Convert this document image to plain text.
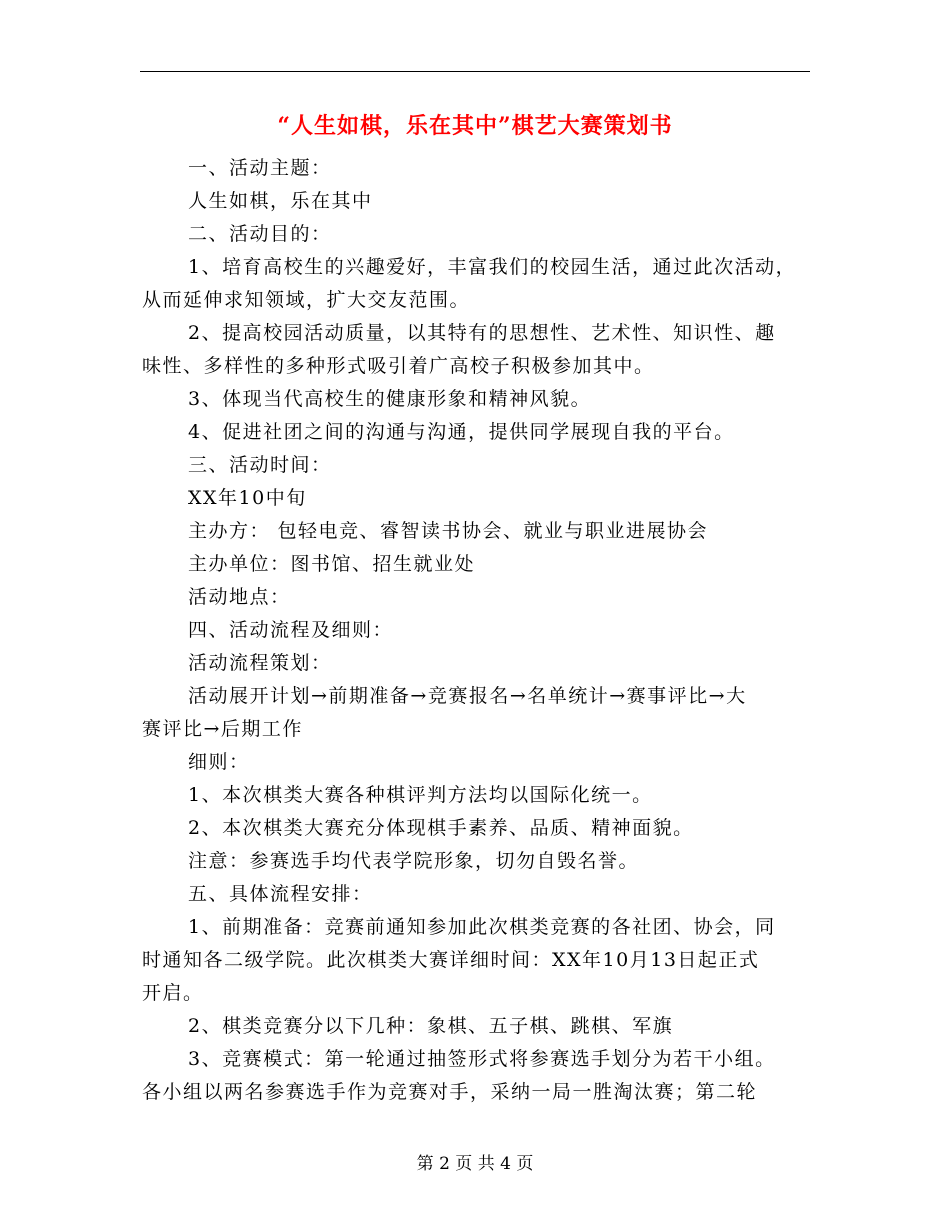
“人生如棋，乐在其中”棋艺大赛策划书

一、活动主题：

人生如棋，乐在其中

二、活动目的：

1、培育高校生的兴趣爱好，丰富我们的校园生活，通过此次活动，

从而延伸求知领域，扩大交友范围。

2、提高校园活动质量，以其特有的思想性、艺术性、知识性、趣

味性、多样性的多种形式吸引着广高校子积极参加其中。

3、体现当代高校生的健康形象和精神风貌。

4、促进社团之间的沟通与沟通，提供同学展现自我的平台。

三、活动时间：

XX年10中旬

主办方： 包轻电竞、睿智读书协会、就业与职业进展协会

主办单位：图书馆、招生就业处

活动地点：

四、活动流程及细则：

活动流程策划：

活动展开计划→前期准备→竞赛报名→名单统计→赛事评比→大

赛评比→后期工作

细则：

1、本次棋类大赛各种棋评判方法均以国际化统一。

2、本次棋类大赛充分体现棋手素养、品质、精神面貌。

注意：参赛选手均代表学院形象，切勿自毁名誉。

五、具体流程安排：

1、前期准备：竞赛前通知参加此次棋类竞赛的各社团、协会，同

时通知各二级学院。此次棋类大赛详细时间：XX年10月13日起正式

开启。

2、棋类竞赛分以下几种：象棋、五子棋、跳棋、军旗

3、竞赛模式：第一轮通过抽签形式将参赛选手划分为若干小组。

各小组以两名参赛选手作为竞赛对手，采纳一局一胜淘汰赛；第二轮

第 2 页 共 4 页
